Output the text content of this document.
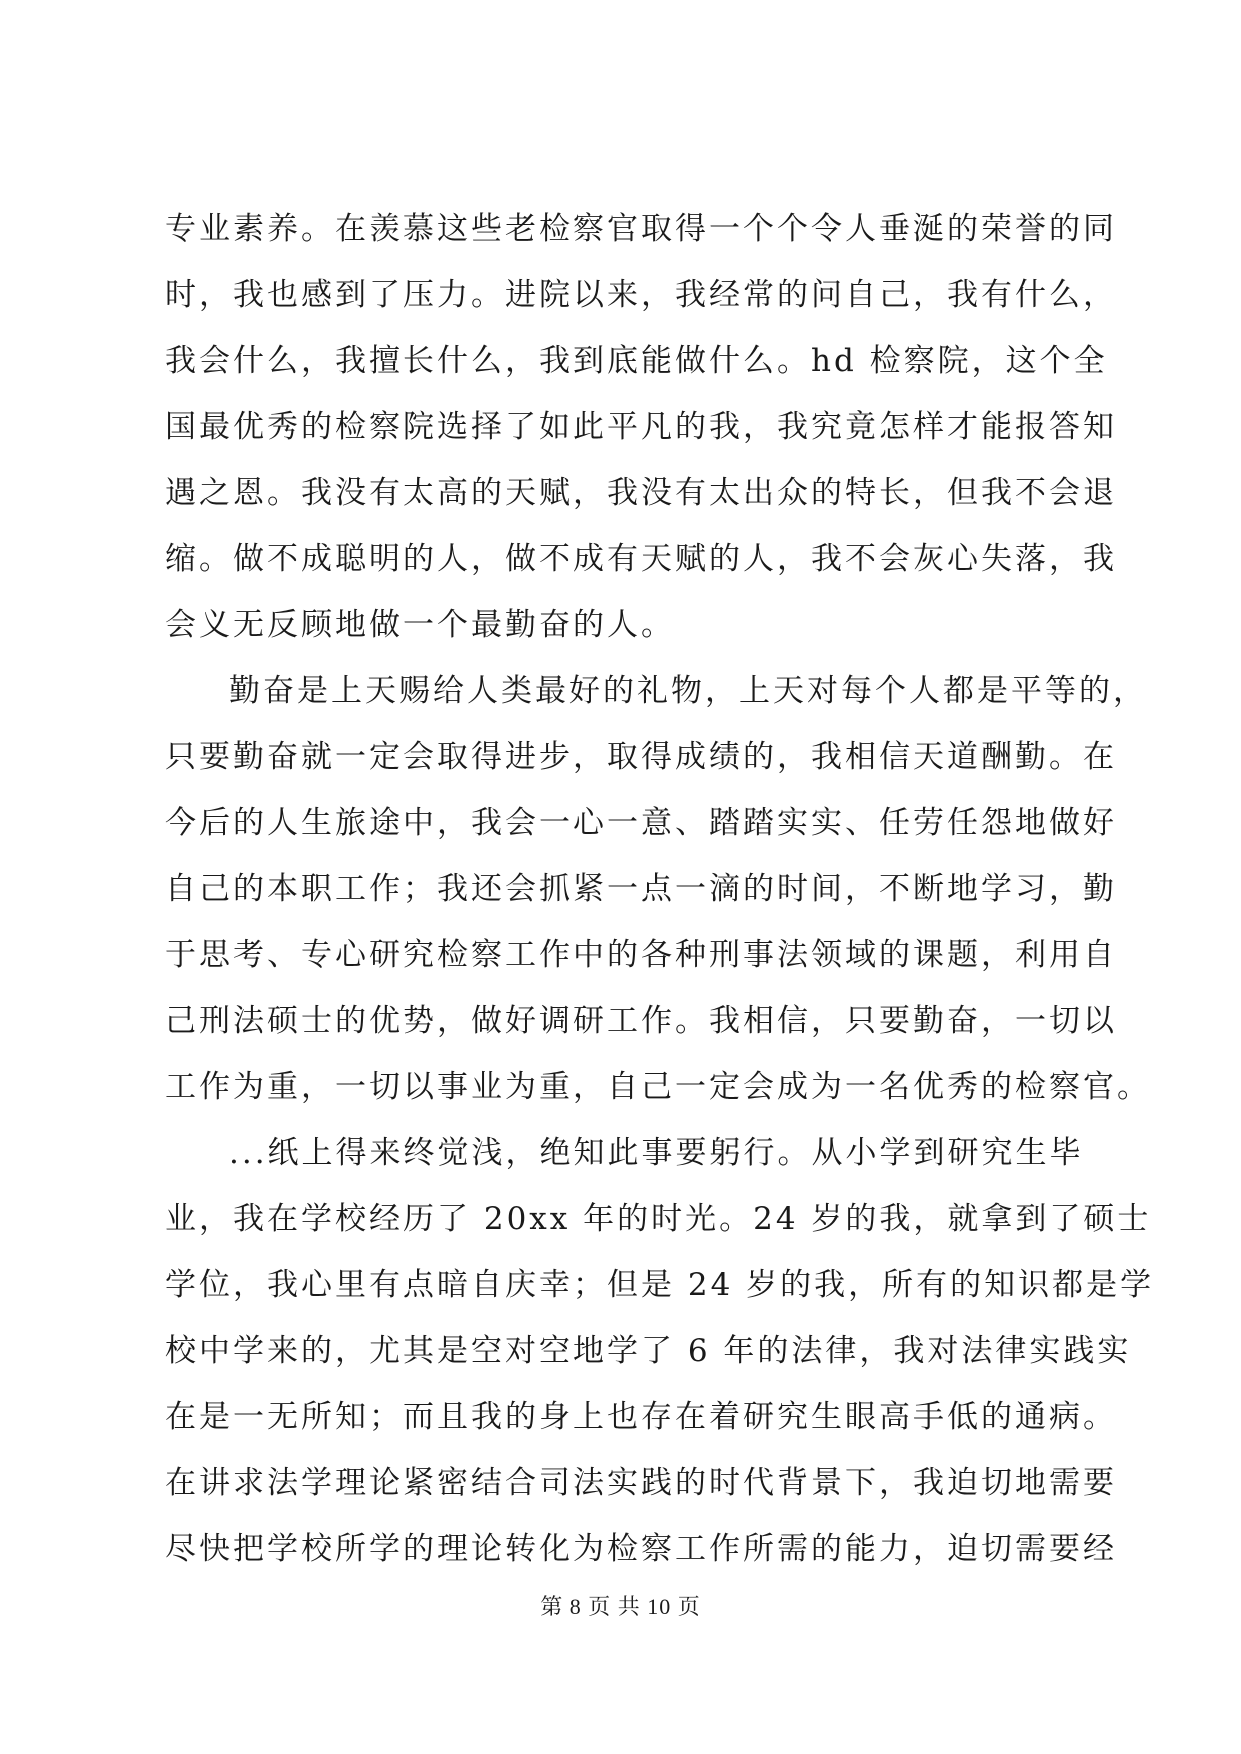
专业素养。在羡慕这些老检察官取得一个个令人垂涎的荣誉的同
时，我也感到了压力。进院以来，我经常的问自己，我有什么，
我会什么，我擅长什么，我到底能做什么。hd 检察院，这个全
国最优秀的检察院选择了如此平凡的我，我究竟怎样才能报答知
遇之恩。我没有太高的天赋，我没有太出众的特长，但我不会退
缩。做不成聪明的人，做不成有天赋的人，我不会灰心失落，我
会义无反顾地做一个最勤奋的人。
勤奋是上天赐给人类最好的礼物，上天对每个人都是平等的，
只要勤奋就一定会取得进步，取得成绩的，我相信天道酬勤。在
今后的人生旅途中，我会一心一意、踏踏实实、任劳任怨地做好
自己的本职工作；我还会抓紧一点一滴的时间，不断地学习，勤
于思考、专心研究检察工作中的各种刑事法领域的课题，利用自
己刑法硕士的优势，做好调研工作。我相信，只要勤奋，一切以
工作为重，一切以事业为重，自己一定会成为一名优秀的检察官。
...纸上得来终觉浅，绝知此事要躬行。从小学到研究生毕
业，我在学校经历了 20xx 年的时光。24 岁的我，就拿到了硕士
学位，我心里有点暗自庆幸；但是 24 岁的我，所有的知识都是学
校中学来的，尤其是空对空地学了 6 年的法律，我对法律实践实
在是一无所知；而且我的身上也存在着研究生眼高手低的通病。
在讲求法学理论紧密结合司法实践的时代背景下，我迫切地需要
尽快把学校所学的理论转化为检察工作所需的能力，迫切需要经
第 8 页 共 10 页
